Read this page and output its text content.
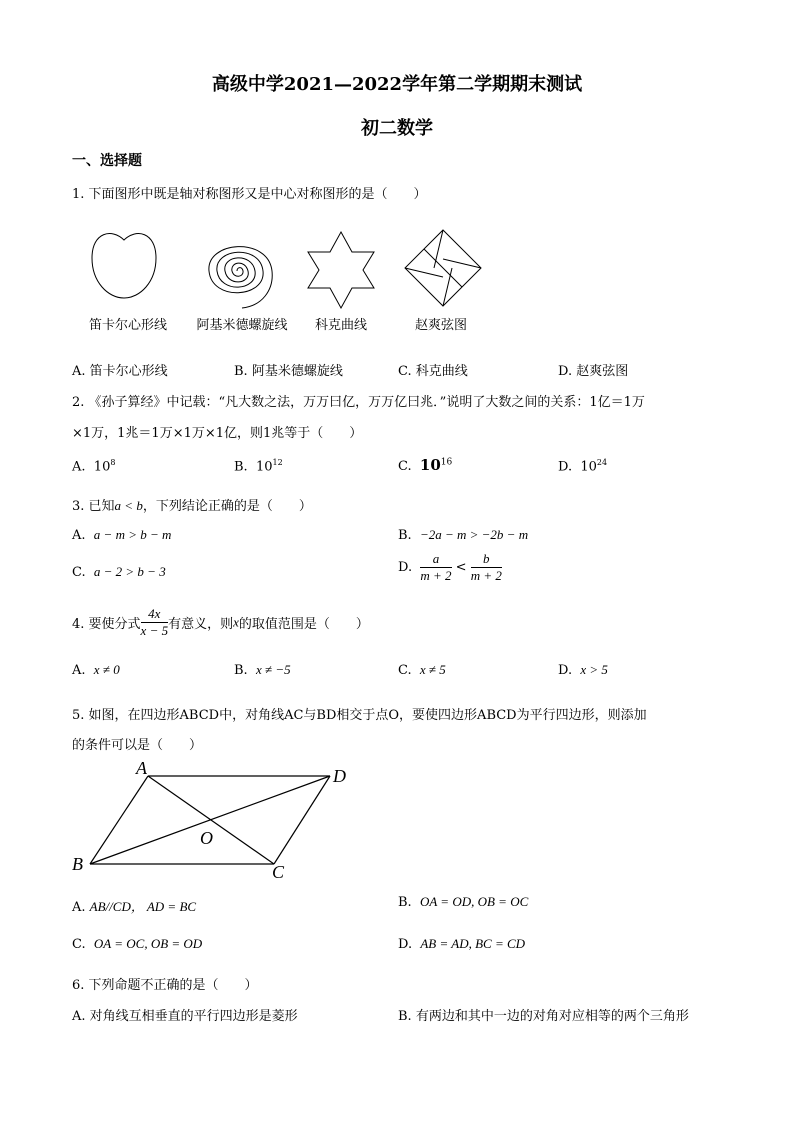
高级中学2021—2022学年第二学期期末测试
初二数学
一、选择题
1. 下面图形中既是轴对称图形又是中心对称图形的是（　　）
笛卡尔心形线	阿基米德螺旋线	科克曲线	赵爽弦图
A. 笛卡尔心形线	B. 阿基米德螺旋线	C. 科克曲线	D. 赵爽弦图
2. 《孙子算经》中记载：“凡大数之法，万万曰亿，万万亿曰兆．”说明了大数之间的关系：1亿＝1万
×1万，1兆＝1万×1万×1亿，则1兆等于（　　）
A. $10^8$	B. $10^{12}$	C. $10^{16}$	D. $10^{24}$
3. 已知a < b，下列结论正确的是（　　）
A. a − m > b − m	B. −2a − m > −2b − m
C. a − 2 > b − 3	D. $\frac{a}{m + 2} < \frac{b}{m + 2}$
4. 要使分式 $\frac{4x}{x - 5}$ 有意义，则x的取值范围是（　　）
A. x ≠ 0	B. x ≠ −5	C. x ≠ 5	D. x > 5
5. 如图，在四边形ABCD中，对角线AC与BD相交于点O，要使四边形ABCD为平行四边形，则添加
的条件可以是（　　）
A	D
B	C
O
A. AB//CD， AD = BC	B. OA = OD, OB = OC
C. OA = OC, OB = OD	D. AB = AD, BC = CD
6. 下列命题不正确的是（　　）
A. 对角线互相垂直的平行四边形是菱形	B. 有两边和其中一边的对角对应相等的两个三角形
